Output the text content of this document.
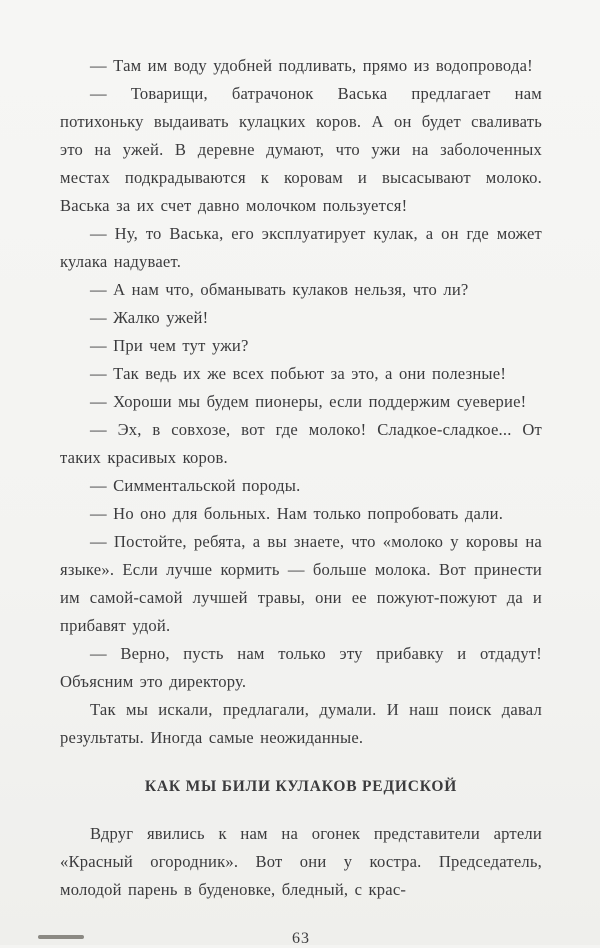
— Там им воду удобней подливать, прямо из водопровода!

— Товарищи, батрачонок Васька предлагает нам потихоньку выдаивать кулацких коров. А он будет сваливать это на ужей. В деревне думают, что ужи на заболоченных местах подкрадываются к коровам и высасывают молоко. Васька за их счет давно молочком пользуется!

— Ну, то Васька, его эксплуатирует кулак, а он где может кулака надувает.

— А нам что, обманывать кулаков нельзя, что ли?

— Жалко ужей!

— При чем тут ужи?

— Так ведь их же всех побьют за это, а они полезные!

— Хороши мы будем пионеры, если поддержим суеверие!

— Эх, в совхозе, вот где молоко! Сладкое-сладкое... От таких красивых коров.

— Симментальской породы.

— Но оно для больных. Нам только попробовать дали.

— Постойте, ребята, а вы знаете, что «молоко у коровы на языке». Если лучше кормить — больше молока. Вот принести им самой-самой лучшей травы, они ее пожуют-пожуют да и прибавят удой.

— Верно, пусть нам только эту прибавку и отдадут! Объясним это директору.

Так мы искали, предлагали, думали. И наш поиск давал результаты. Иногда самые неожиданные.

КАК МЫ БИЛИ КУЛАКОВ РЕДИСКОЙ

Вдруг явились к нам на огонек представители артели «Красный огородник». Вот они у костра. Председатель, молодой парень в буденовке, бледный, с крас-

63
